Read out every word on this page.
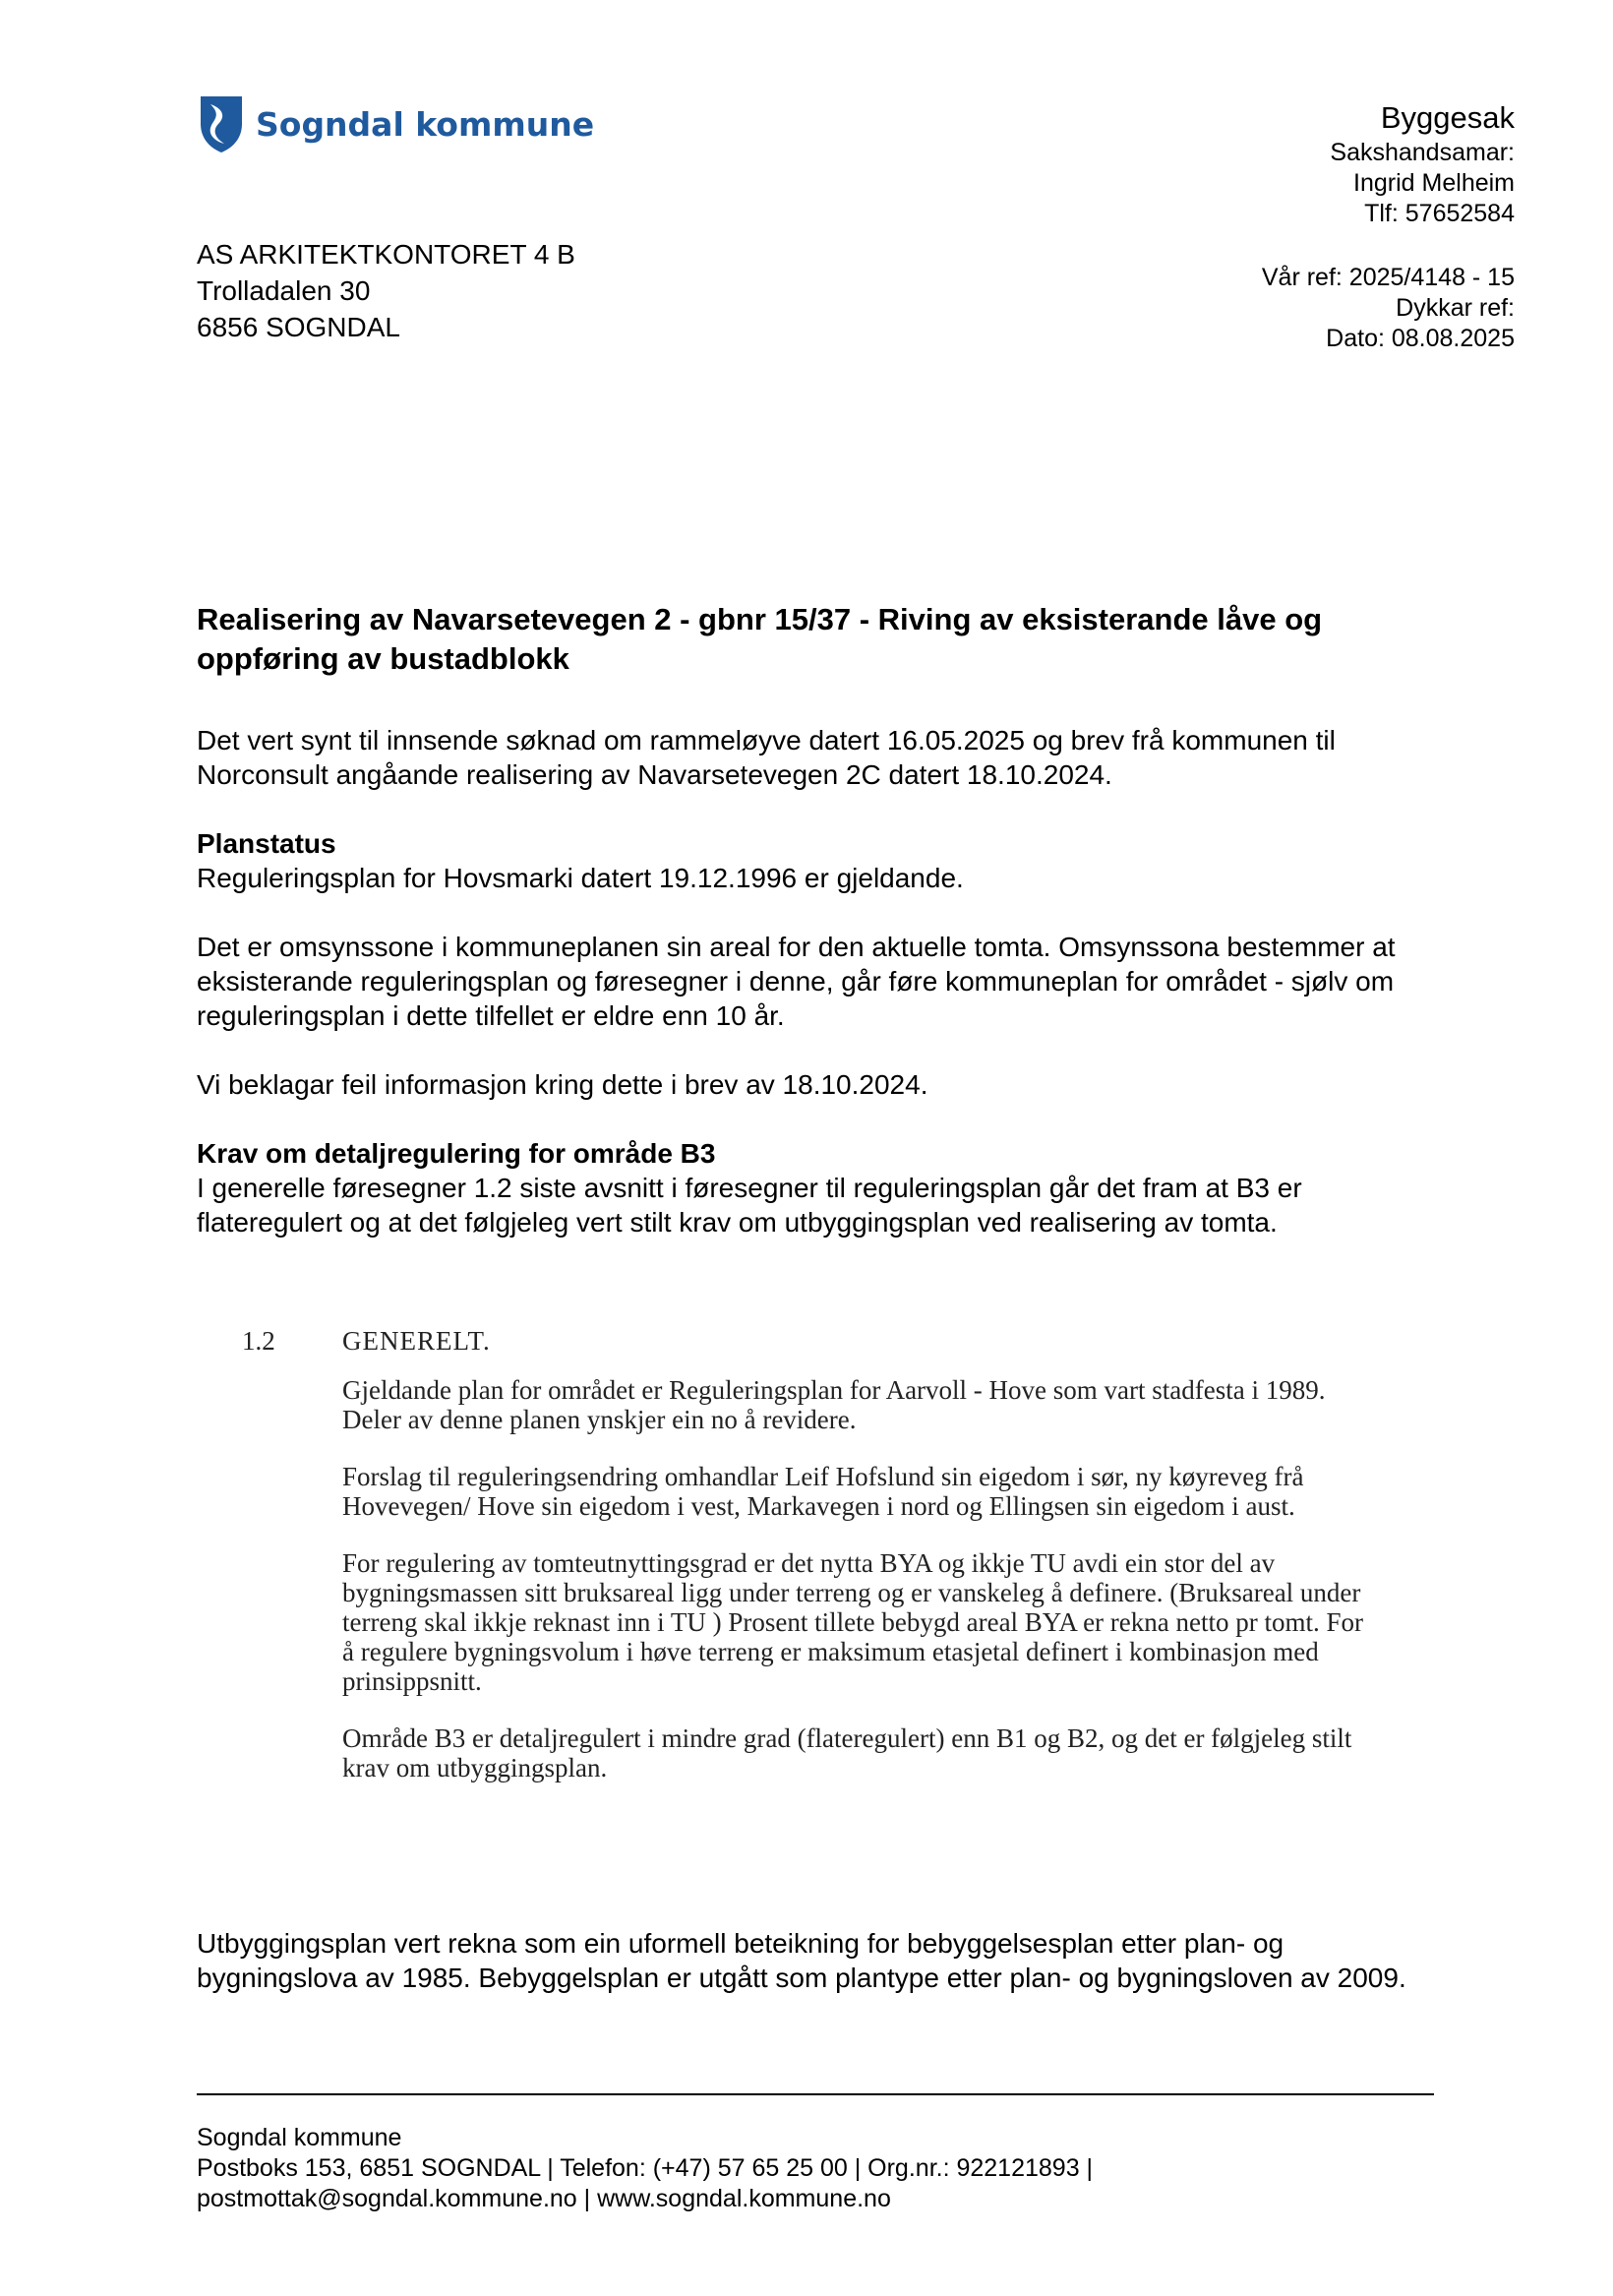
Sogndal kommune	Byggesak
Sakshandsamar:
Ingrid Melheim
Tlf: 57652584
Vår ref: 2025/4148 - 15
Dykkar ref:
Dato: 08.08.2025
AS ARKITEKTKONTORET 4 B
Trolladalen 30
6856 SOGNDAL
Realisering av Navarsetevegen 2 - gbnr 15/37 - Riving av eksisterande låve og oppføring av bustadblokk

Det vert synt til innsende søknad om rammeløyve datert 16.05.2025 og brev frå kommunen til Norconsult angåande realisering av Navarsetevegen 2C datert 18.10.2024.

Planstatus

Reguleringsplan for Hovsmarki datert 19.12.1996 er gjeldande.

Det er omsynssone i kommuneplanen sin areal for den aktuelle tomta. Omsynssona bestemmer at eksisterande reguleringsplan og føresegner i denne, går føre kommuneplan for området - sjølv om reguleringsplan i dette tilfellet er eldre enn 10 år.

Vi beklagar feil informasjon kring dette i brev av 18.10.2024.

Krav om detaljregulering for område B3

I generelle føresegner 1.2 siste avsnitt i føresegner til reguleringsplan går det fram at B3 er flateregulert og at det følgjeleg vert stilt krav om utbyggingsplan ved realisering av tomta.

1.2	GENERELT.

Gjeldande plan for området er Reguleringsplan for Aarvoll - Hove som vart stadfesta i 1989. Deler av denne planen ynskjer ein no å revidere.

Forslag til reguleringsendring omhandlar Leif Hofslund sin eigedom i sør, ny køyreveg frå Hovevegen/ Hove sin eigedom i vest, Markavegen i nord og Ellingsen sin eigedom i aust.

For regulering av tomteutnyttingsgrad er det nytta BYA og ikkje TU avdi ein stor del av bygningsmassen sitt bruksareal ligg under terreng og er vanskeleg å definere. (Bruksareal under terreng skal ikkje reknast inn i TU ) Prosent tillete bebygd areal BYA er rekna netto pr tomt. For å regulere bygningsvolum i høve terreng er maksimum etasjetal definert i kombinasjon med prinsippsnitt.

Område B3 er detaljregulert i mindre grad (flateregulert) enn B1 og B2, og det er følgjeleg stilt krav om utbyggingsplan.

Utbyggingsplan vert rekna som ein uformell beteikning for bebyggelsesplan etter plan- og bygningslova av 1985. Bebyggelsplan er utgått som plantype etter plan- og bygningsloven av 2009.

Sogndal kommune
Postboks 153, 6851 SOGNDAL | Telefon: (+47) 57 65 25 00 | Org.nr.: 922121893 |
postmottak@sogndal.kommune.no | www.sogndal.kommune.no
